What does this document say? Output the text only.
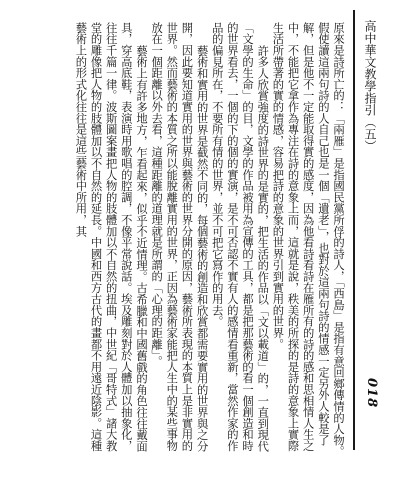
高中華文教學指引（五）
018

原來是詩所亡的：「兩雁」是指國民黨所俘的詩人，「西島」是指有意回鄉傳情的人物。假使讀這兩句詩的人自己也是一個「遺老」，也對於這兩句詩的情感一定另外人較是了解，但是他不一定能取得實的感度，因為他看詩看詩在雁所有的詩的感和思相情人生之中，不能把它拿作為專注在詩的意象上而，這就是說，秩美的所探的是詩的意象上實際生活所帶著的實的情感，容易把詩的意象的世界引到實用的世界。

許多人欣賞強度的詩世界的是實的，把生活的作品以「文以載道」的，一直到現代「文學的生命」的目，文學的作品被用為宣傳的工具，都是把那藝術的看一個創造和時的世界看去，一個的下的個的實演，是不可否認不實有人的感情看重新，當然作家的作品的偏見所在，不要所有情的世界，並不可把它寫作的用去。

藝術和實用的世界是截然不同的，每個藝術的創造和欣賞都需要實用的世界與之分開，因此要知道實用的世界與藝術的世界分開的原因，藝術所表現的本質上是非實用的世界。然而藝術的本質之所以能脫離實用的世界，正因為藝術家能把人生中的某些事物放在一個距離以外去看，這種距離的道理就是所謂的「心理的距離」。

藝術上有許多地方，乍看起來，似乎不近情理。古希臘和中國舊戲的角色往往戴面具，穿高底鞋，表演時用歌唱的腔調，不像平常說話。埃及雕刻對於人體加以抽象化，往往千篇一律。波斯圖案畫把人物的肢體加以不自然的扭曲，中世紀「哥特式」諸大教堂的雕像把人物的肢體加以不自然的延長。中國和西方古代的畫都不用遠近陰影。這種藝術上的形式化往往是這些藝術中所用，其
